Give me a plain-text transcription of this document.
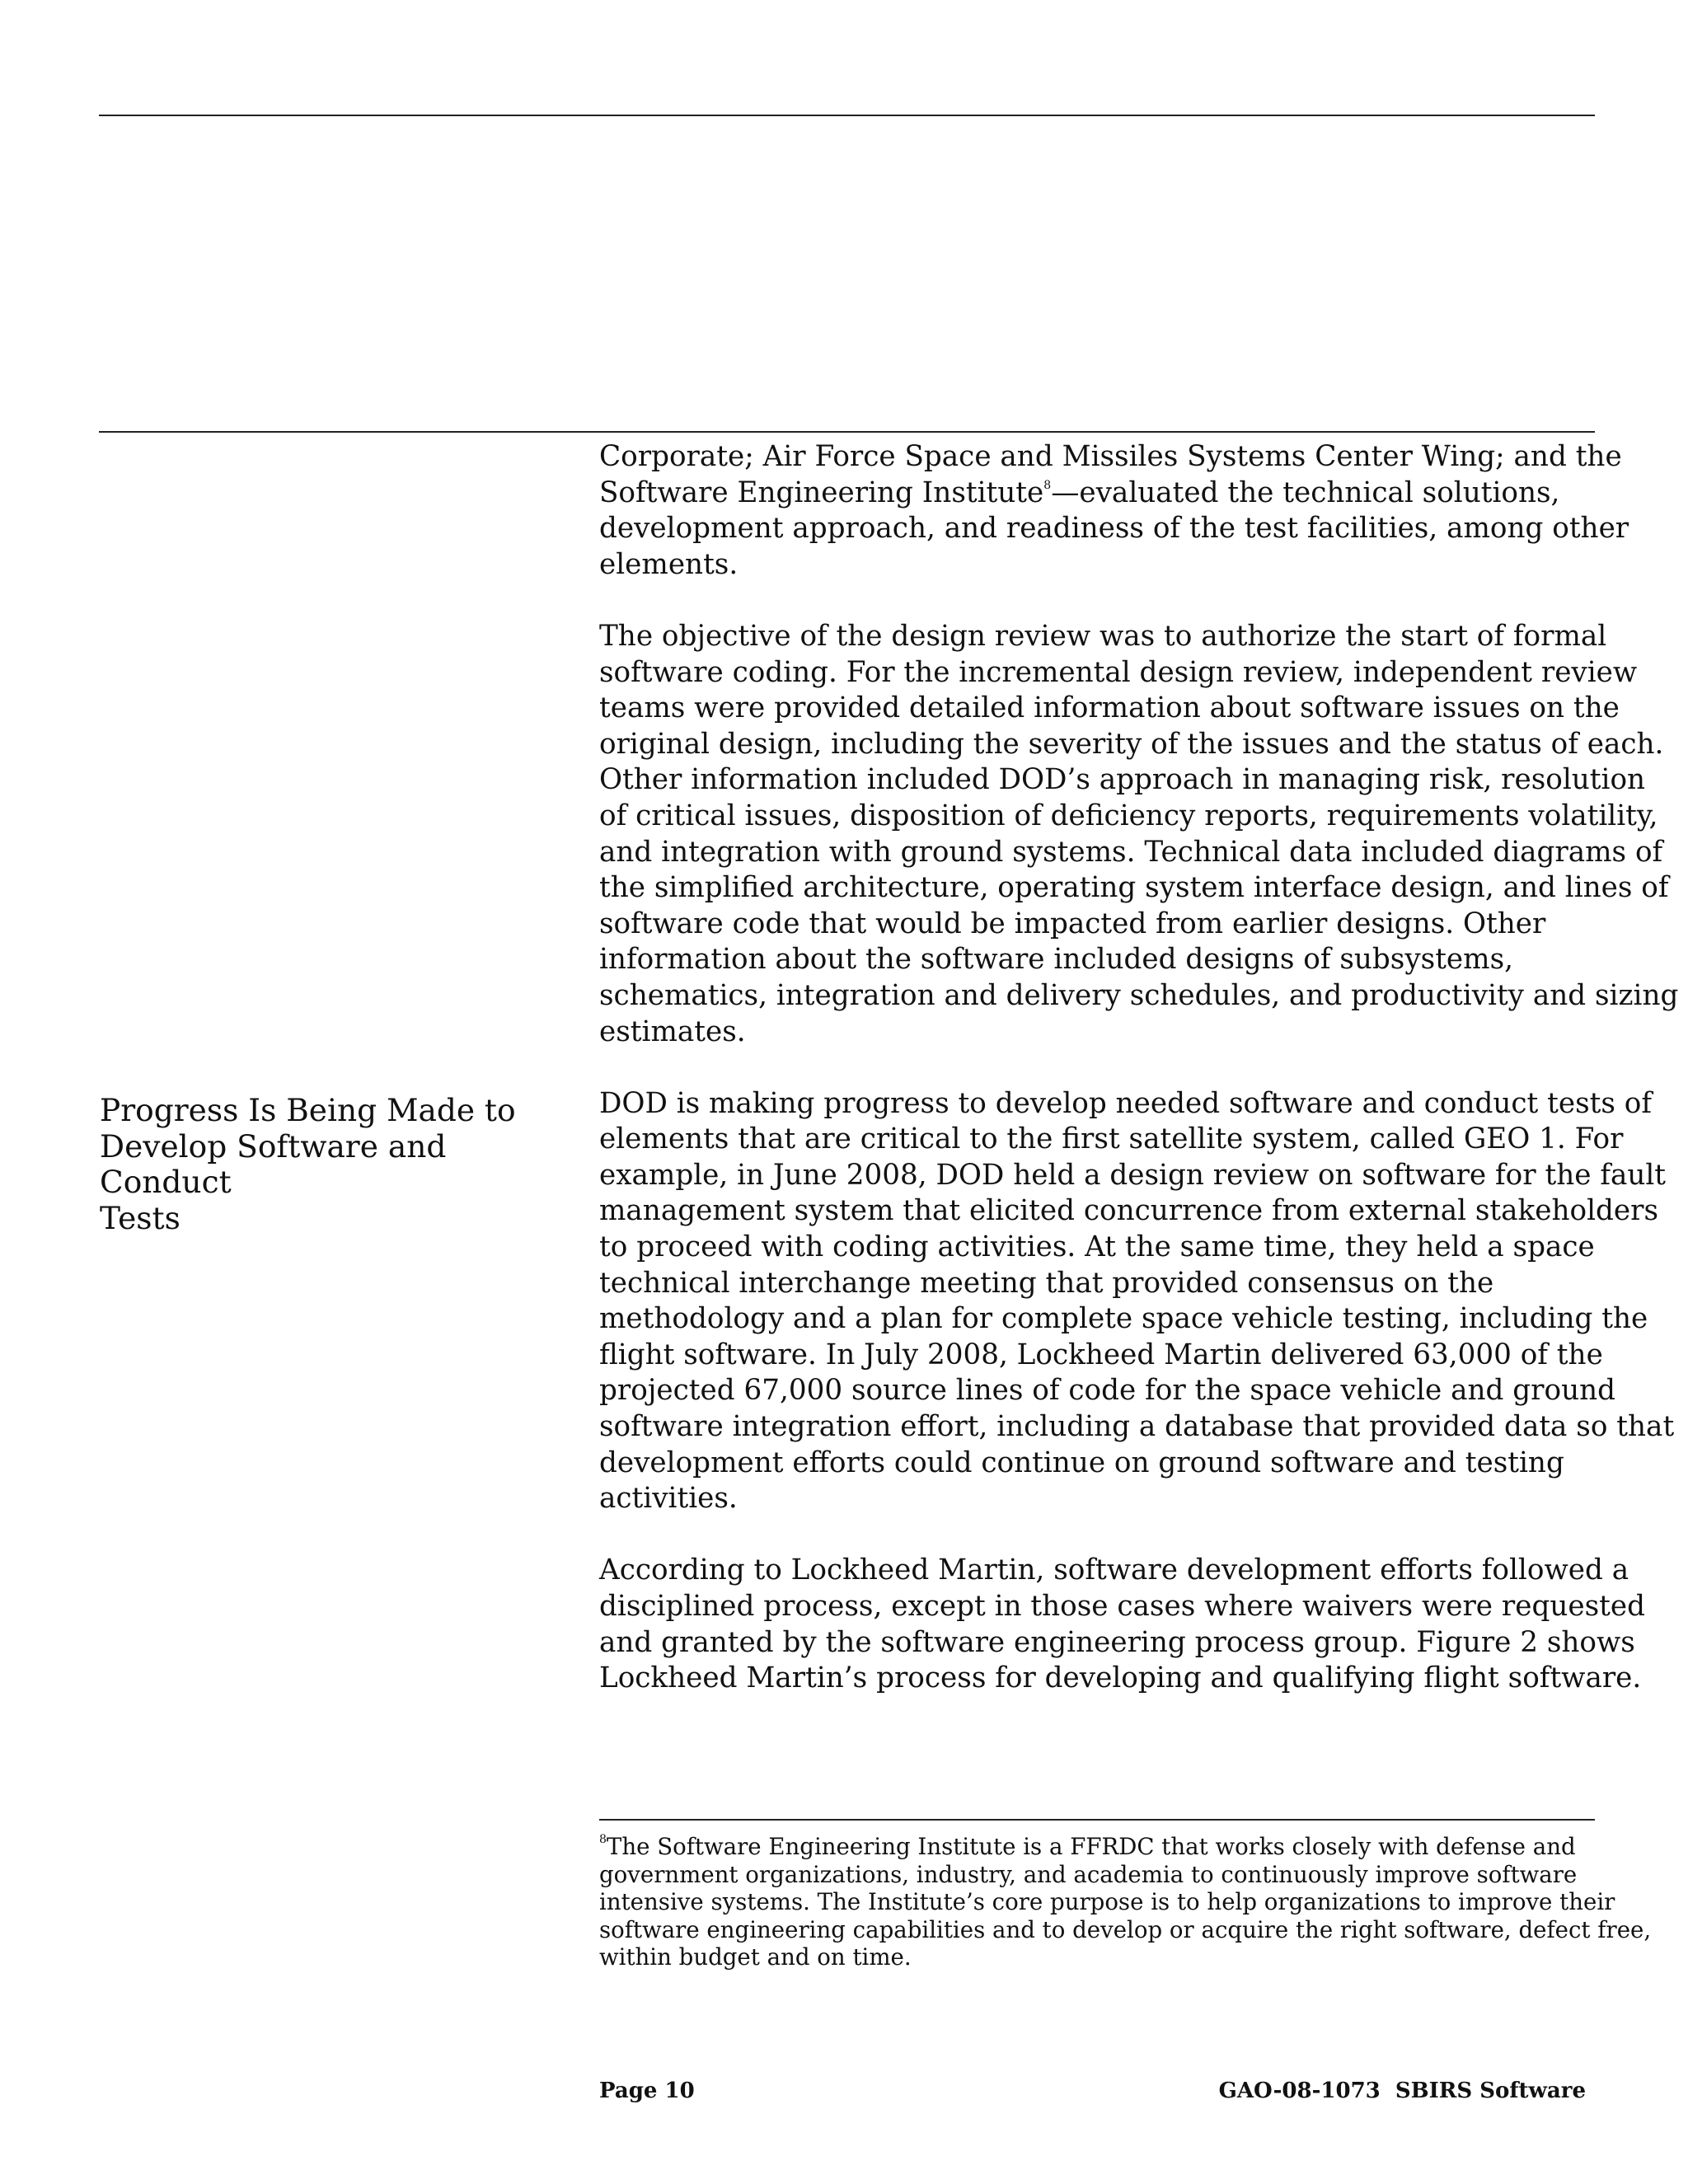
Progress Is Being Made to
Develop Software and Conduct
Tests

Corporate; Air Force Space and Missiles Systems Center Wing; and the
Software Engineering Institute$^8$—evaluated the technical solutions,
development approach, and readiness of the test facilities, among other
elements.

The objective of the design review was to authorize the start of formal
software coding. For the incremental design review, independent review
teams were provided detailed information about software issues on the
original design, including the severity of the issues and the status of each.
Other information included DOD’s approach in managing risk, resolution
of critical issues, disposition of deficiency reports, requirements volatility,
and integration with ground systems. Technical data included diagrams of
the simplified architecture, operating system interface design, and lines of
software code that would be impacted from earlier designs. Other
information about the software included designs of subsystems,
schematics, integration and delivery schedules, and productivity and sizing
estimates.

DOD is making progress to develop needed software and conduct tests of
elements that are critical to the first satellite system, called GEO 1. For
example, in June 2008, DOD held a design review on software for the fault
management system that elicited concurrence from external stakeholders
to proceed with coding activities. At the same time, they held a space
technical interchange meeting that provided consensus on the
methodology and a plan for complete space vehicle testing, including the
flight software. In July 2008, Lockheed Martin delivered 63,000 of the
projected 67,000 source lines of code for the space vehicle and ground
software integration effort, including a database that provided data so that
development efforts could continue on ground software and testing
activities.

According to Lockheed Martin, software development efforts followed a
disciplined process, except in those cases where waivers were requested
and granted by the software engineering process group. Figure 2 shows
Lockheed Martin’s process for developing and qualifying flight software.

$^8$The Software Engineering Institute is a FFRDC that works closely with defense and
government organizations, industry, and academia to continuously improve software
intensive systems. The Institute’s core purpose is to help organizations to improve their
software engineering capabilities and to develop or acquire the right software, defect free,
within budget and on time.

Page 10	GAO-08-1073  SBIRS Software
